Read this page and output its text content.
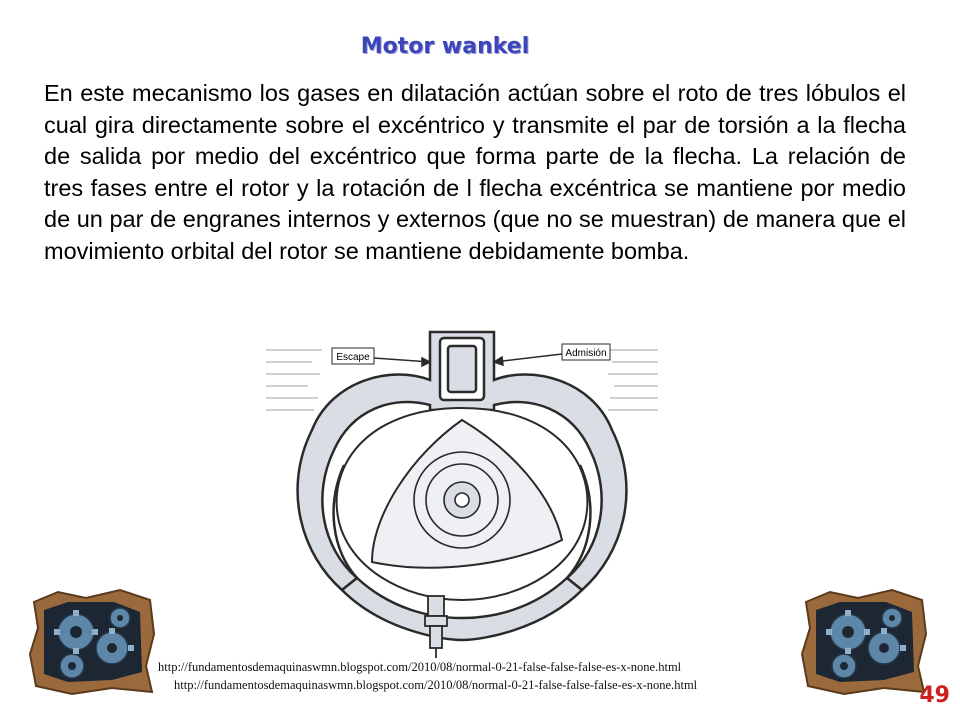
Motor wankel

En este mecanismo los gases en dilatación actúan sobre el roto de tres lóbulos el cual gira directamente sobre el excéntrico y transmite el par de torsión a la flecha de salida por medio del excéntrico que forma parte de la flecha. La relación de tres fases entre el rotor y la rotación de l flecha excéntrica se mantiene por medio de un par de engranes internos y externos (que no se muestran) de manera que el movimiento orbital del rotor se mantiene debidamente bomba.

Escape	Admisión
http://fundamentosdemaquinaswmn.blogspot.com/2010/08/normal-0-21-false-false-false-es-x-none.html
http://fundamentosdemaquinaswmn.blogspot.com/2010/08/normal-0-21-false-false-false-es-x-none.html	49
